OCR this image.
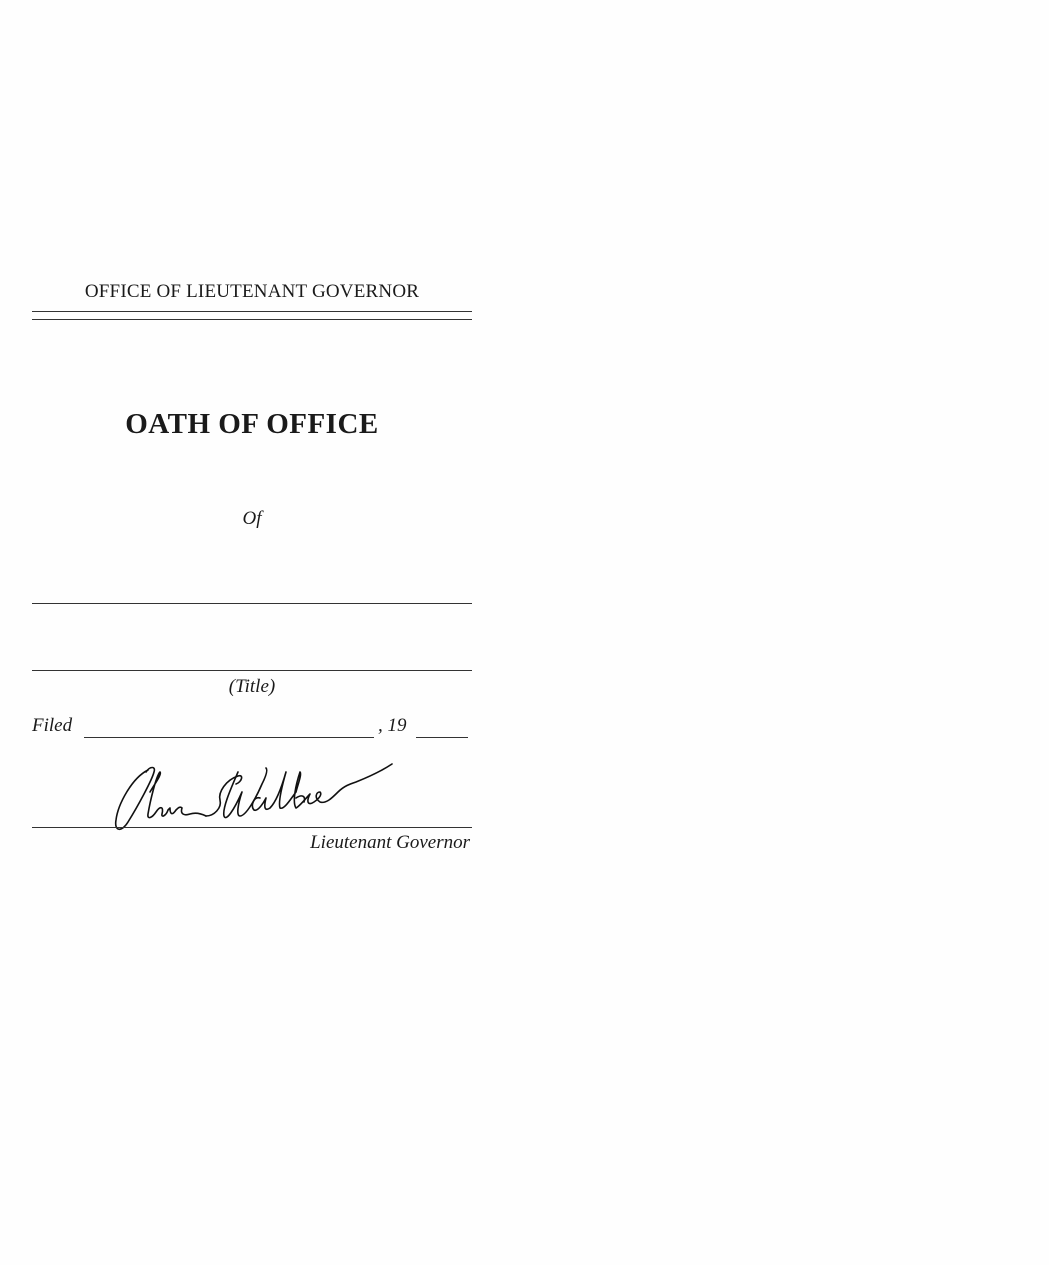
OFFICE OF LIEUTENANT GOVERNOR
OATH OF OFFICE
Of
(Title)
Filed	, 19
Lieutenant Governor
